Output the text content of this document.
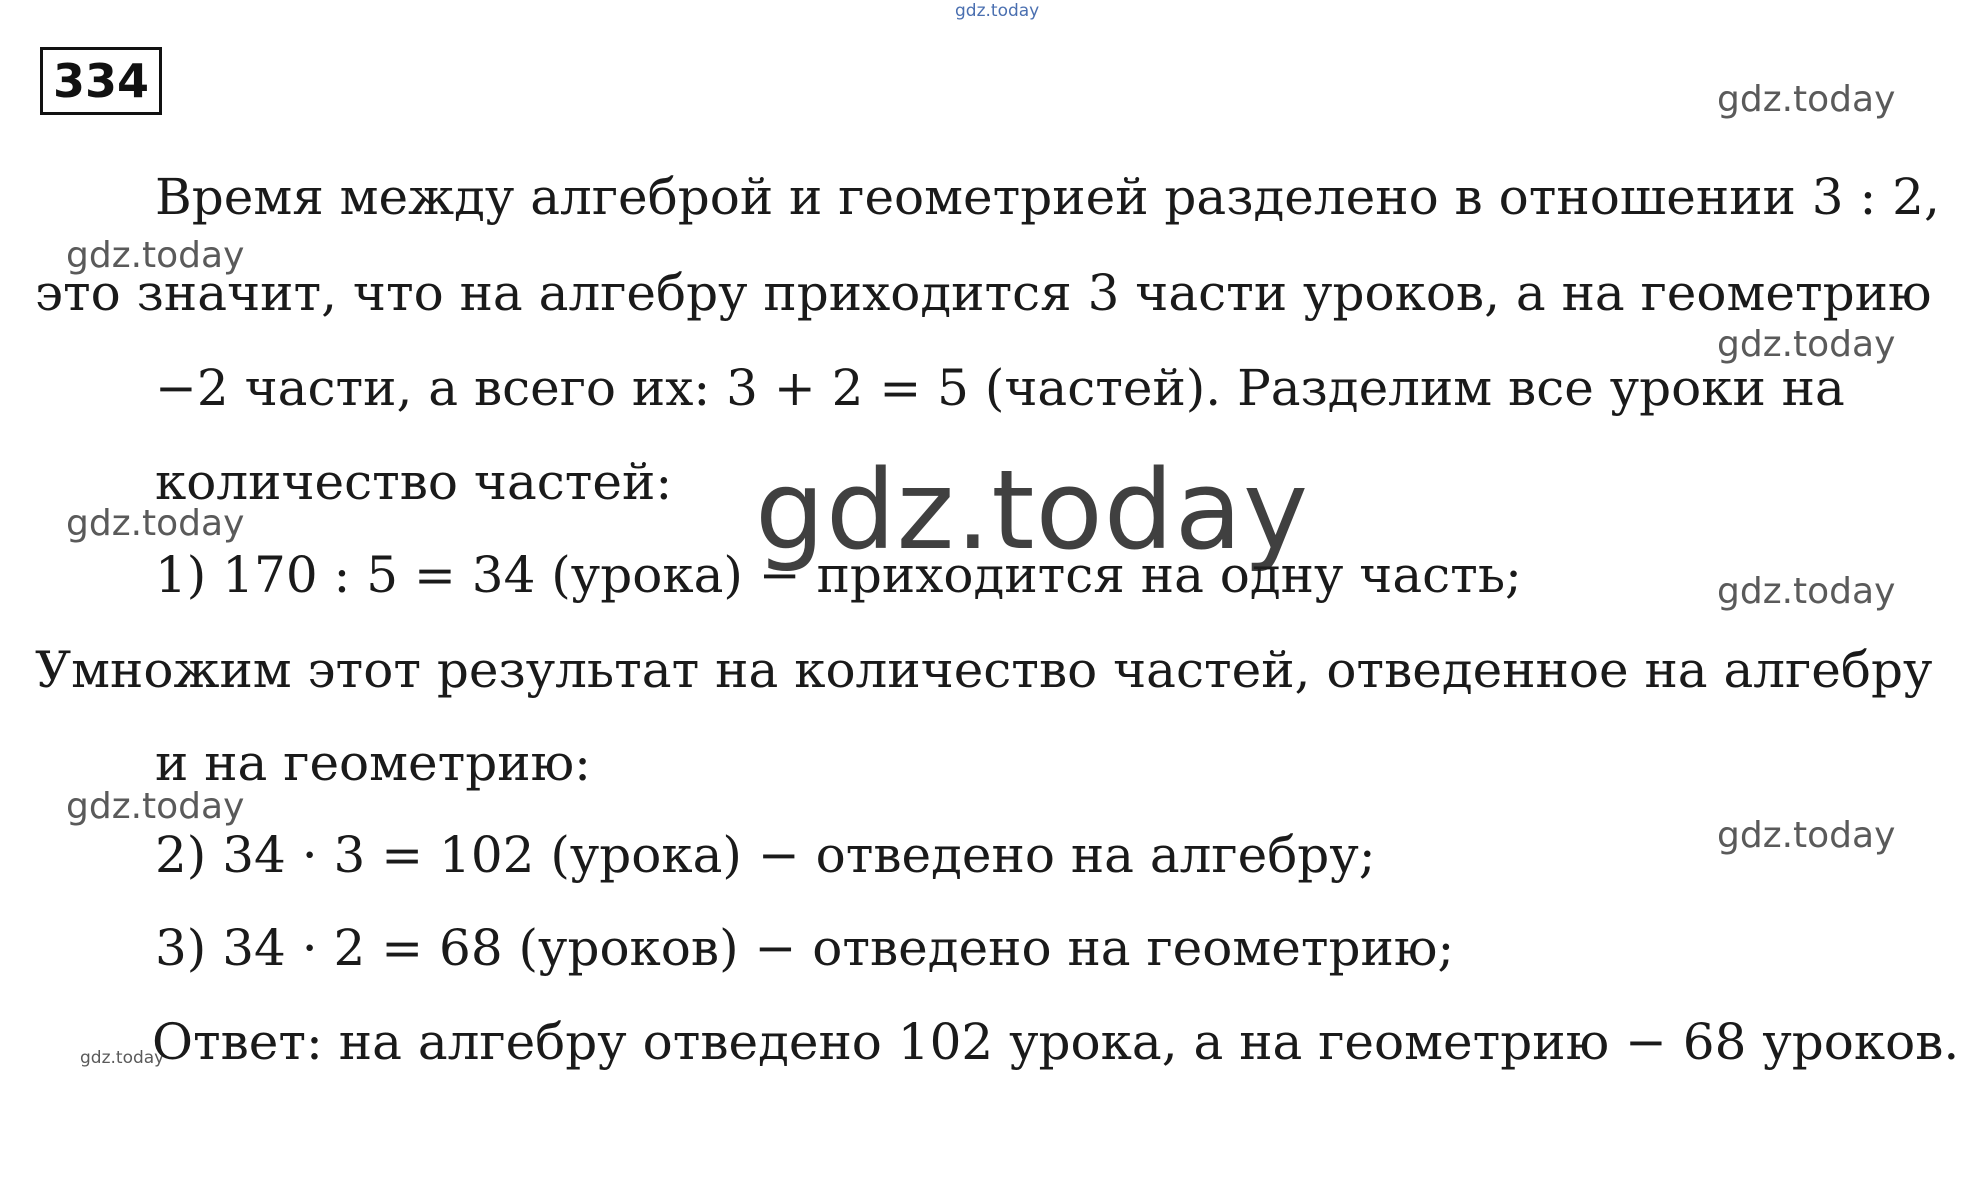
gdz.today
334	gdz.today
Время между алгеброй и геометрией разделено в отношении 3 : 2,
gdz.today
это значит, что на алгебру приходится 3 части уроков, а на геометрию
gdz.today
−2 части, а всего их: 3 + 2 = 5 (частей). Разделим все уроки на
количество частей:
gdz.today
1) 170 : 5 = 34 (урока) − приходится на одну часть;	gdz.today
Умножим этот результат на количество частей, отведенное на алгебру
и на геометрию:
gdz.today
gdz.today
2) 34 · 3 = 102 (урока) − отведено на алгебру;
3) 34 · 2 = 68 (уроков) − отведено на геометрию;
gdz.today
Ответ: на алгебру отведено 102 урока, а на геометрию − 68 уроков.
gdz.today
